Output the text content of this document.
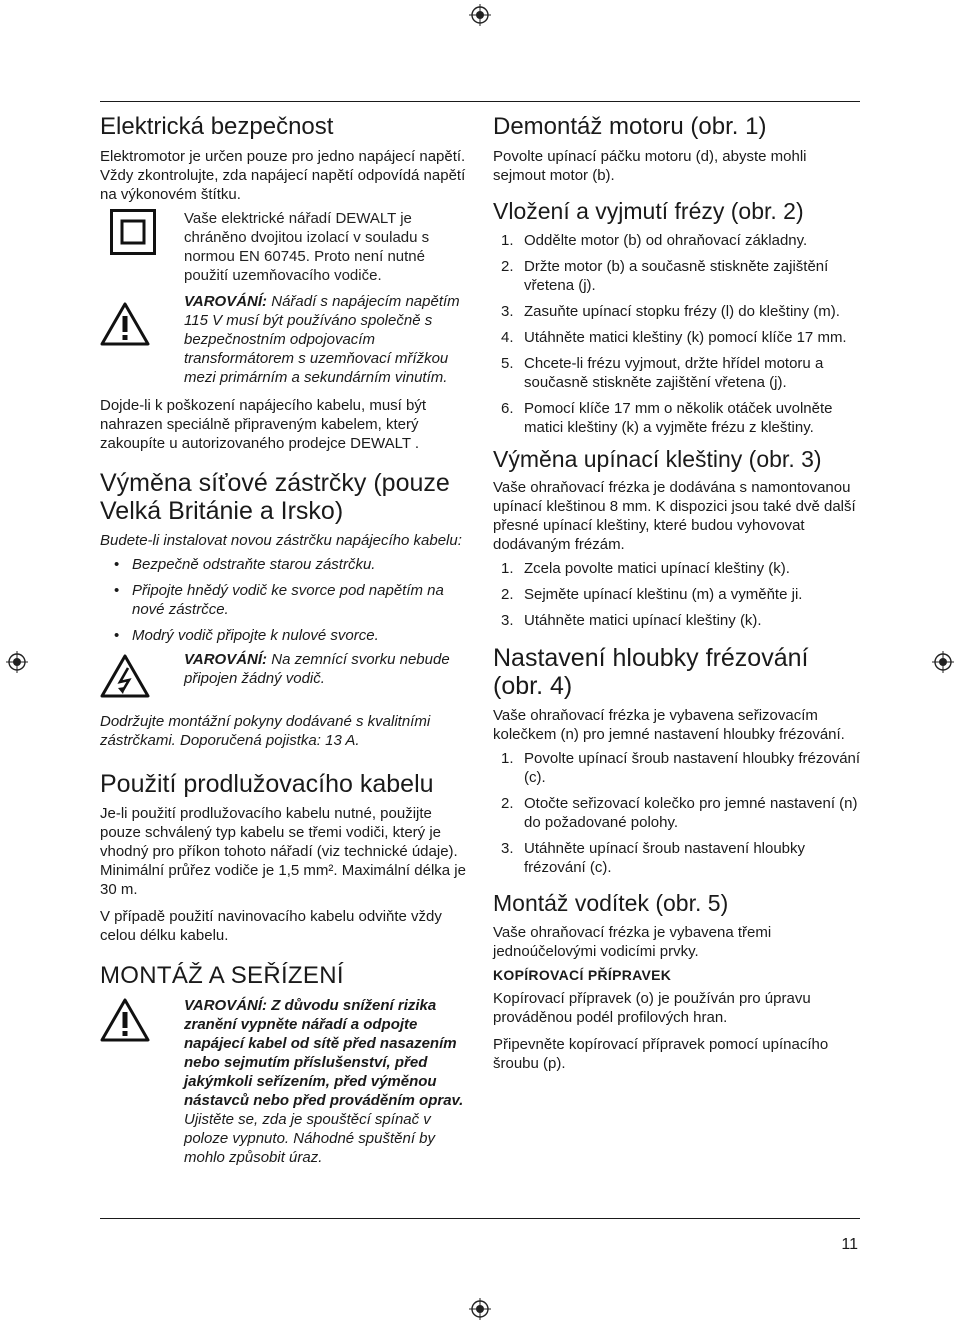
Elektrická bezpečnost

Elektromotor je určen pouze pro jedno napájecí napětí. Vždy zkontrolujte, zda napájecí napětí odpovídá napětí na výkonovém štítku.

Vaše elektrické nářadí DEWALT je chráněno dvojitou izolací v souladu s normou EN 60745. Proto není nutné použití uzemňovacího vodiče.

VAROVÁNÍ: Nářadí s napájecím napětím 115 V musí být používáno společně s bezpečnostním odpojovacím transformátorem s uzemňovací mřížkou mezi primárním a sekundárním vinutím.

Dojde-li k poškození napájecího kabelu, musí být nahrazen speciálně připraveným kabelem, který zakoupíte u autorizovaného prodejce DEWALT .

Výměna síťové zástrčky (pouze Velká Británie a Irsko)

Budete-li instalovat novou zástrčku napájecího kabelu:

• Bezpečně odstraňte starou zástrčku.
• Připojte hnědý vodič ke svorce pod napětím na nové zástrčce.
• Modrý vodič připojte k nulové svorce.

VAROVÁNÍ: Na zemnící svorku nebude připojen žádný vodič.

Dodržujte montážní pokyny dodávané s kvalitními zástrčkami. Doporučená pojistka: 13 A.

Použití prodlužovacího kabelu

Je-li použití prodlužovacího kabelu nutné, použijte pouze schválený typ kabelu se třemi vodiči, který je vhodný pro příkon tohoto nářadí (viz technické údaje). Minimální průřez vodiče je 1,5 mm². Maximální délka je 30 m.

V případě použití navinovacího kabelu odviňte vždy celou délku kabelu.

MONTÁŽ A SEŘÍZENÍ

VAROVÁNÍ: Z důvodu snížení rizika zranění vypněte nářadí a odpojte napájecí kabel od sítě před nasazením nebo sejmutím příslušenství, před jakýmkoli seřízením, před výměnou nástavců nebo před prováděním oprav.

Ujistěte se, zda je spouštěcí spínač v poloze vypnuto. Náhodné spuštění by mohlo způsobit úraz.

Demontáž motoru (obr. 1)

Povolte upínací páčku motoru (d), abyste mohli sejmout motor (b).

Vložení a vyjmutí frézy (obr. 2)
1. Oddělte motor (b) od ohraňovací základny.
2. Držte motor (b) a současně stiskněte zajištění vřetena (j).
3. Zasuňte upínací stopku frézy (l) do kleštiny (m).
4. Utáhněte matici kleštiny (k) pomocí klíče 17 mm.
5. Chcete-li frézu vyjmout, držte hřídel motoru a současně stiskněte zajištění vřetena (j).
6. Pomocí klíče 17 mm o několik otáček uvolněte matici kleštiny (k) a vyjměte frézu z kleštiny.
Výměna upínací kleštiny (obr. 3)

Vaše ohraňovací frézka je dodávána s namontovanou upínací kleštinou 8 mm. K dispozici jsou také dvě další přesné upínací kleštiny, které budou vyhovovat dodávaným frézám.

1. Zcela povolte matici upínací kleštiny (k).
2. Sejměte upínací kleštinu (m) a vyměňte ji.
3. Utáhněte matici upínací kleštiny (k).
Nastavení hloubky frézování (obr. 4)

Vaše ohraňovací frézka je vybavena seřizovacím kolečkem (n) pro jemné nastavení hloubky frézování.

1. Povolte upínací šroub nastavení hloubky frézování (c).
2. Otočte seřizovací kolečko pro jemné nastavení (n) do požadované polohy.
3. Utáhněte upínací šroub nastavení hloubky frézování (c).
Montáž vodítek (obr. 5)

Vaše ohraňovací frézka je vybavena třemi jednoúčelovými vodicími prvky.

KOPÍROVACÍ PŘÍPRAVEK

Kopírovací přípravek (o) je používán pro úpravu prováděnou podél profilových hran.

Připevněte kopírovací přípravek pomocí upínacího šroubu (p).

11
